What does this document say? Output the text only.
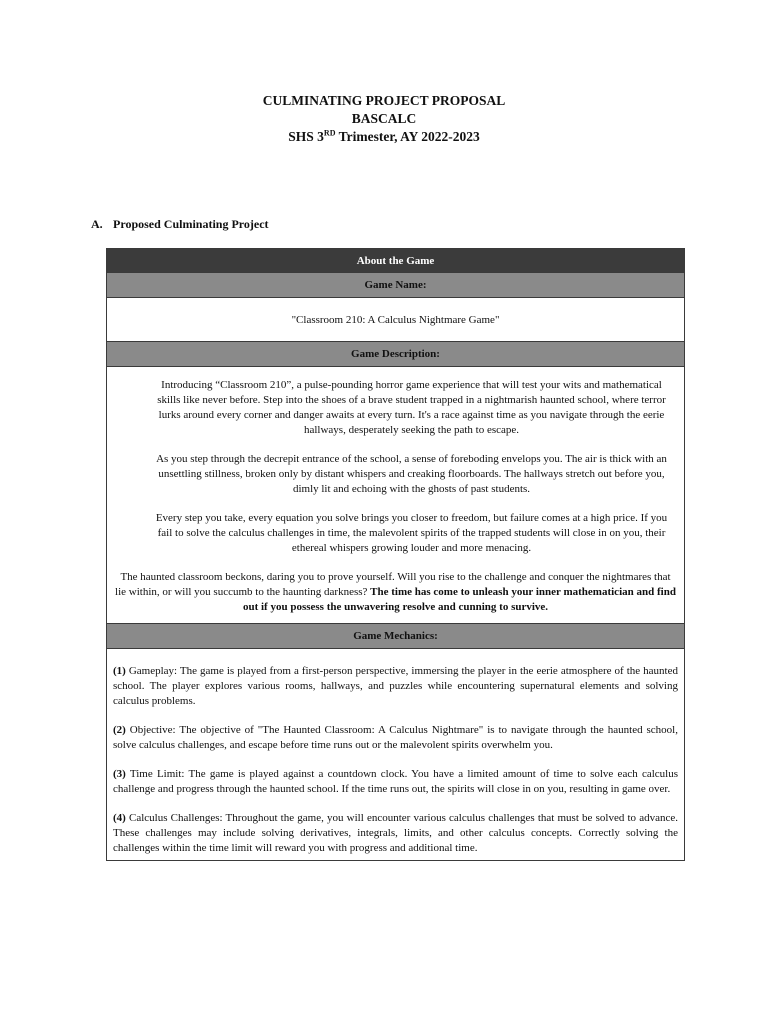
CULMINATING PROJECT PROPOSAL
BASCALC
SHS 3RD Trimester, AY 2022-2023
A. Proposed Culminating Project
About the Game
Game Name:
"Classroom 210: A Calculus Nightmare Game"
Game Description:

Introducing “Classroom 210”, a pulse-pounding horror game experience that will test your wits and mathematical skills like never before. Step into the shoes of a brave student trapped in a nightmarish haunted school, where terror lurks around every corner and danger awaits at every turn. It's a race against time as you navigate through the eerie hallways, desperately seeking the path to escape.

As you step through the decrepit entrance of the school, a sense of foreboding envelops you. The air is thick with an unsettling stillness, broken only by distant whispers and creaking floorboards. The hallways stretch out before you, dimly lit and echoing with the ghosts of past students.

Every step you take, every equation you solve brings you closer to freedom, but failure comes at a high price. If you fail to solve the calculus challenges in time, the malevolent spirits of the trapped students will close in on you, their ethereal whispers growing louder and more menacing.

The haunted classroom beckons, daring you to prove yourself. Will you rise to the challenge and conquer the nightmares that lie within, or will you succumb to the haunting darkness? The time has come to unleash your inner mathematician and find out if you possess the unwavering resolve and cunning to survive.

Game Mechanics:

(1) Gameplay: The game is played from a first-person perspective, immersing the player in the eerie atmosphere of the haunted school. The player explores various rooms, hallways, and puzzles while encountering supernatural elements and solving calculus problems.

(2) Objective: The objective of "The Haunted Classroom: A Calculus Nightmare" is to navigate through the haunted school, solve calculus challenges, and escape before time runs out or the malevolent spirits overwhelm you.

(3) Time Limit: The game is played against a countdown clock. You have a limited amount of time to solve each calculus challenge and progress through the haunted school. If the time runs out, the spirits will close in on you, resulting in game over.

(4) Calculus Challenges: Throughout the game, you will encounter various calculus challenges that must be solved to advance. These challenges may include solving derivatives, integrals, limits, and other calculus concepts. Correctly solving the challenges within the time limit will reward you with progress and additional time.
